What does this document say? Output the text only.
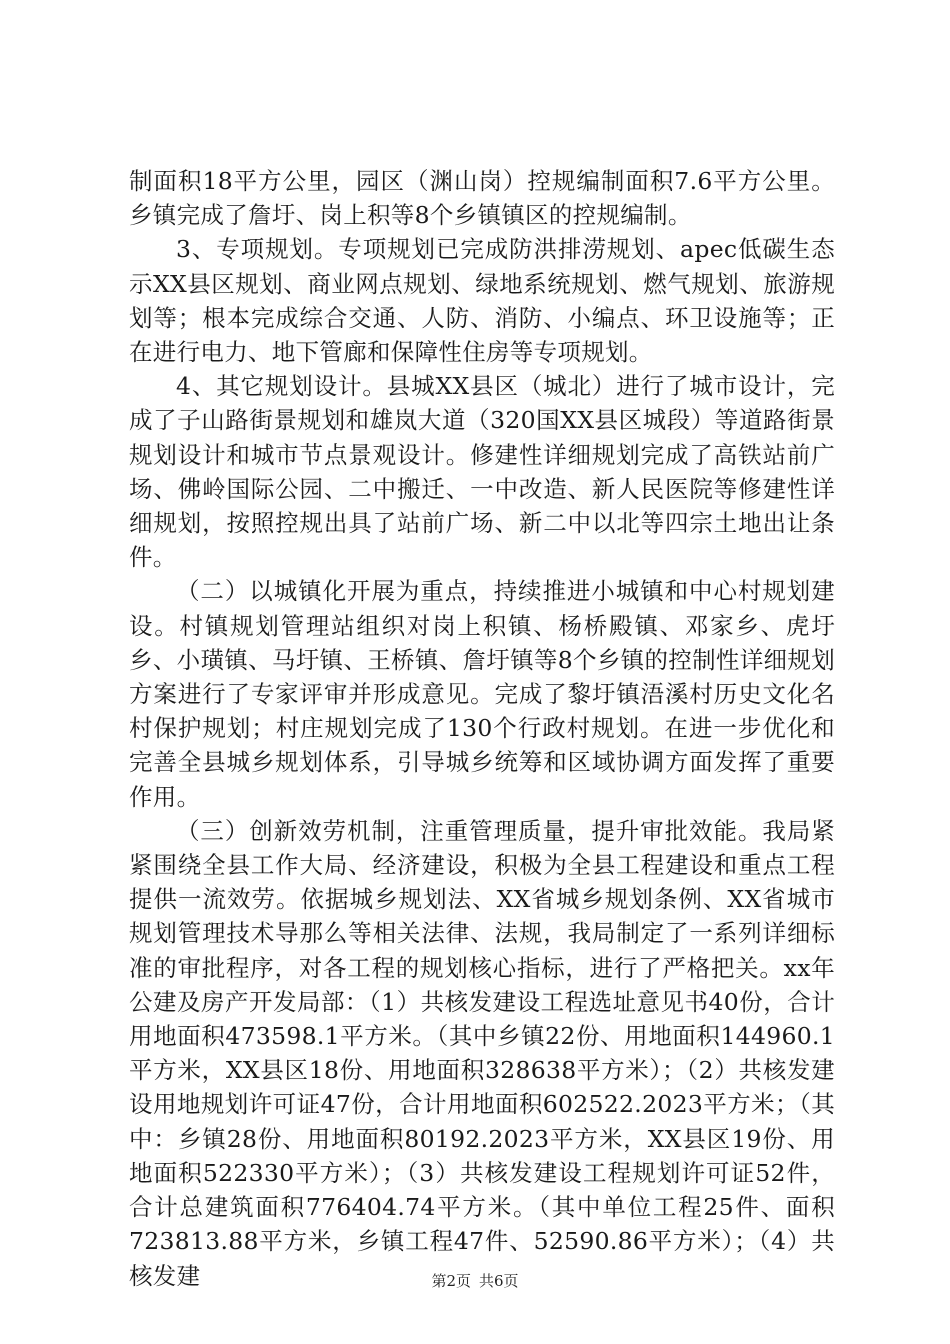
制面积18平方公里，园区（渊山岗）控规编制面积7.6平方公里。乡镇完成了詹圩、岗上积等8个乡镇镇区的控规编制。

3、专项规划。专项规划已完成防洪排涝规划、apec低碳生态示XX县区规划、商业网点规划、绿地系统规划、燃气规划、旅游规划等；根本完成综合交通、人防、消防、小编点、环卫设施等；正在进行电力、地下管廊和保障性住房等专项规划。

4、其它规划设计。县城XX县区（城北）进行了城市设计，完成了子山路街景规划和雄岚大道（320国XX县区城段）等道路街景规划设计和城市节点景观设计。修建性详细规划完成了高铁站前广场、佛岭国际公园、二中搬迁、一中改造、新人民医院等修建性详细规划，按照控规出具了站前广场、新二中以北等四宗土地出让条件。

（二）以城镇化开展为重点，持续推进小城镇和中心村规划建设。村镇规划管理站组织对岗上积镇、杨桥殿镇、邓家乡、虎圩乡、小璜镇、马圩镇、王桥镇、詹圩镇等8个乡镇的控制性详细规划方案进行了专家评审并形成意见。完成了黎圩镇浯溪村历史文化名村保护规划；村庄规划完成了130个行政村规划。在进一步优化和完善全县城乡规划体系，引导城乡统筹和区域协调方面发挥了重要作用。

（三）创新效劳机制，注重管理质量，提升审批效能。我局紧紧围绕全县工作大局、经济建设，积极为全县工程建设和重点工程提供一流效劳。依据城乡规划法、XX省城乡规划条例、XX省城市规划管理技术导那么等相关法律、法规，我局制定了一系列详细标准的审批程序，对各工程的规划核心指标，进行了严格把关。xx年公建及房产开发局部：（1）共核发建设工程选址意见书40份，合计用地面积473598.1平方米。（其中乡镇22份、用地面积144960.1平方米，XX县区18份、用地面积328638平方米）；（2）共核发建设用地规划许可证47份，合计用地面积602522.2023平方米；（其中：乡镇28份、用地面积80192.2023平方米，XX县区19份、用地面积522330平方米）；（3）共核发建设工程规划许可证52件，合计总建筑面积776404.74平方米。（其中单位工程25件、面积723813.88平方米，乡镇工程47件、52590.86平方米）；（4）共核发建	第2页 共6页
